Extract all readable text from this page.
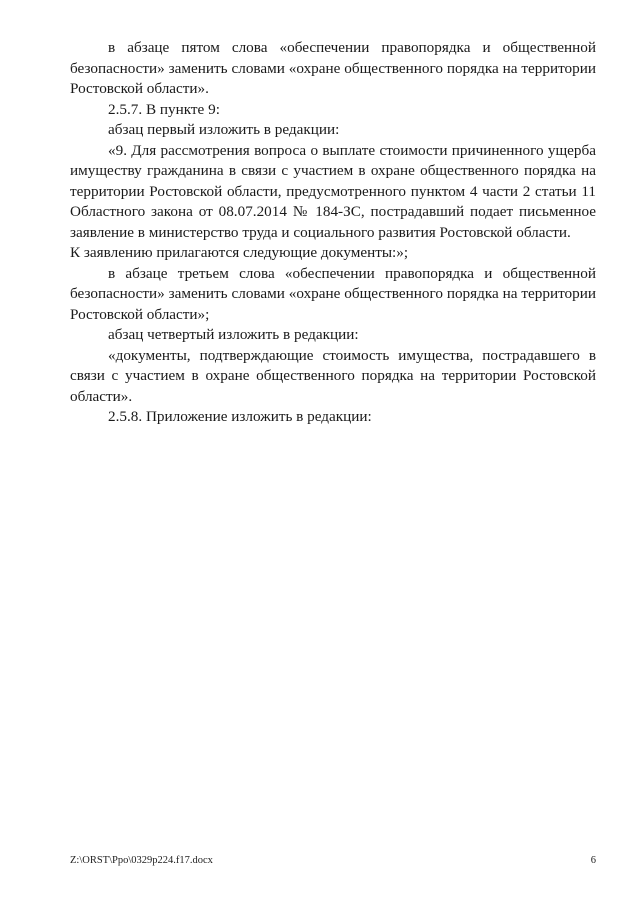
в абзаце пятом слова «обеспечении правопорядка и общественной безопасности» заменить словами «охране общественного порядка на территории Ростовской области».

2.5.7. В пункте 9:

абзац первый изложить в редакции:

«9. Для рассмотрения вопроса о выплате стоимости причиненного ущерба имуществу гражданина в связи с участием в охране общественного порядка на территории Ростовской области, предусмотренного пунктом 4 части 2 статьи 11 Областного закона от 08.07.2014 № 184-ЗС, пострадавший подает письменное заявление в министерство труда и социального развития Ростовской области.

К заявлению прилагаются следующие документы:»;

в абзаце третьем слова «обеспечении правопорядка и общественной безопасности» заменить словами «охране общественного порядка на территории Ростовской области»;

абзац четвертый изложить в редакции:

«документы, подтверждающие стоимость имущества, пострадавшего в связи с участием в охране общественного порядка на территории Ростовской области».

2.5.8. Приложение изложить в редакции:

Z:\ORST\Ppo\0329p224.f17.docx	6
